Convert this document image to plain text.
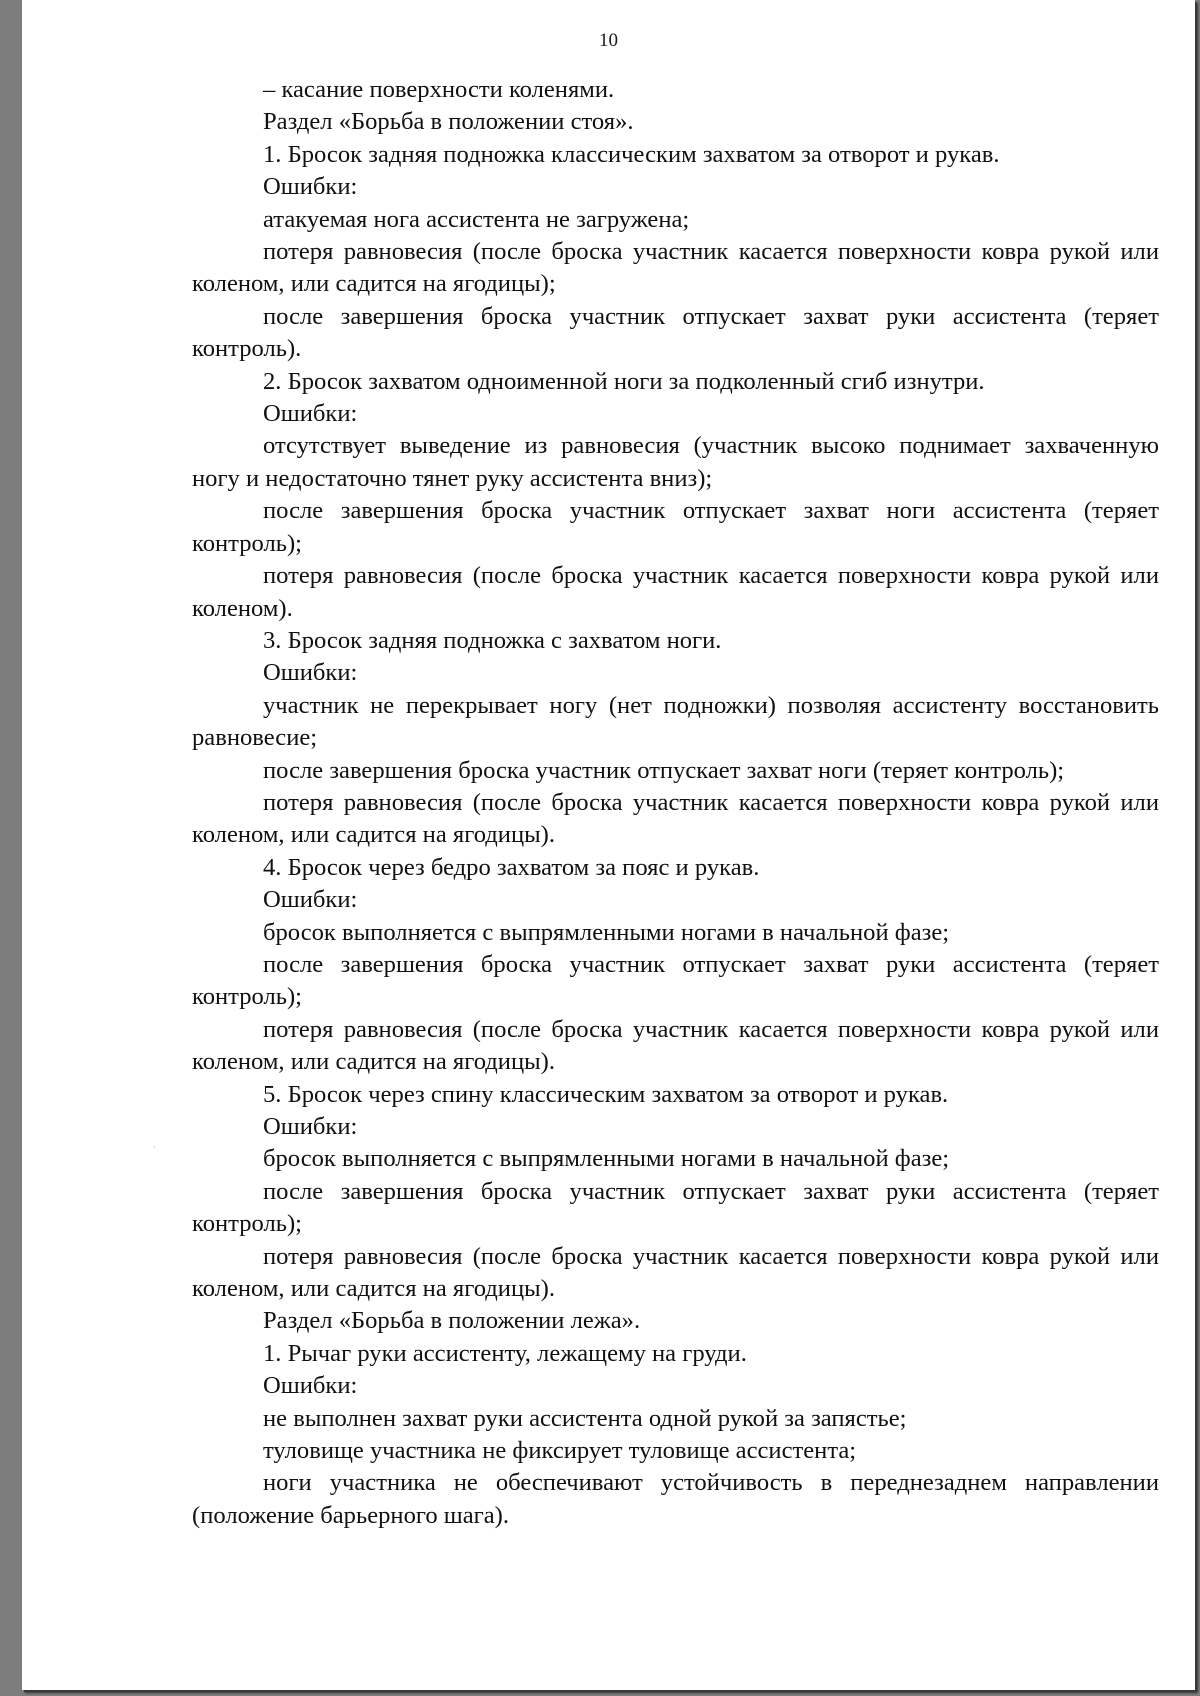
10

– касание поверхности коленями.

Раздел «Борьба в положении стоя».

1. Бросок задняя подножка классическим захватом за отворот и рукав.

Ошибки:

атакуемая нога ассистента не загружена;

потеря равновесия (после броска участник касается поверхности ковра рукой или коленом, или садится на ягодицы);

после завершения броска участник отпускает захват руки ассистента (теряет контроль).

2. Бросок захватом одноименной ноги за подколенный сгиб изнутри.

Ошибки:

отсутствует выведение из равновесия (участник высоко поднимает захваченную ногу и недостаточно тянет руку ассистента вниз);

после завершения броска участник отпускает захват ноги ассистента (теряет контроль);

потеря равновесия (после броска участник касается поверхности ковра рукой или коленом).

3. Бросок задняя подножка с захватом ноги.

Ошибки:

участник не перекрывает ногу (нет подножки) позволяя ассистенту восстановить равновесие;

после завершения броска участник отпускает захват ноги (теряет контроль);

потеря равновесия (после броска участник касается поверхности ковра рукой или коленом, или садится на ягодицы).

4. Бросок через бедро захватом за пояс и рукав.

Ошибки:

бросок выполняется с выпрямленными ногами в начальной фазе;

после завершения броска участник отпускает захват руки ассистента (теряет контроль);

потеря равновесия (после броска участник касается поверхности ковра рукой или коленом, или садится на ягодицы).

5. Бросок через спину классическим захватом за отворот и рукав.

Ошибки:

бросок выполняется с выпрямленными ногами в начальной фазе;

после завершения броска участник отпускает захват руки ассистента (теряет контроль);

потеря равновесия (после броска участник касается поверхности ковра рукой или коленом, или садится на ягодицы).

Раздел «Борьба в положении лежа».

1. Рычаг руки ассистенту, лежащему на груди.

Ошибки:

не выполнен захват руки ассистента одной рукой за запястье;

туловище участника не фиксирует туловище ассистента;

ноги участника не обеспечивают устойчивость в переднезаднем направлении (положение барьерного шага).
